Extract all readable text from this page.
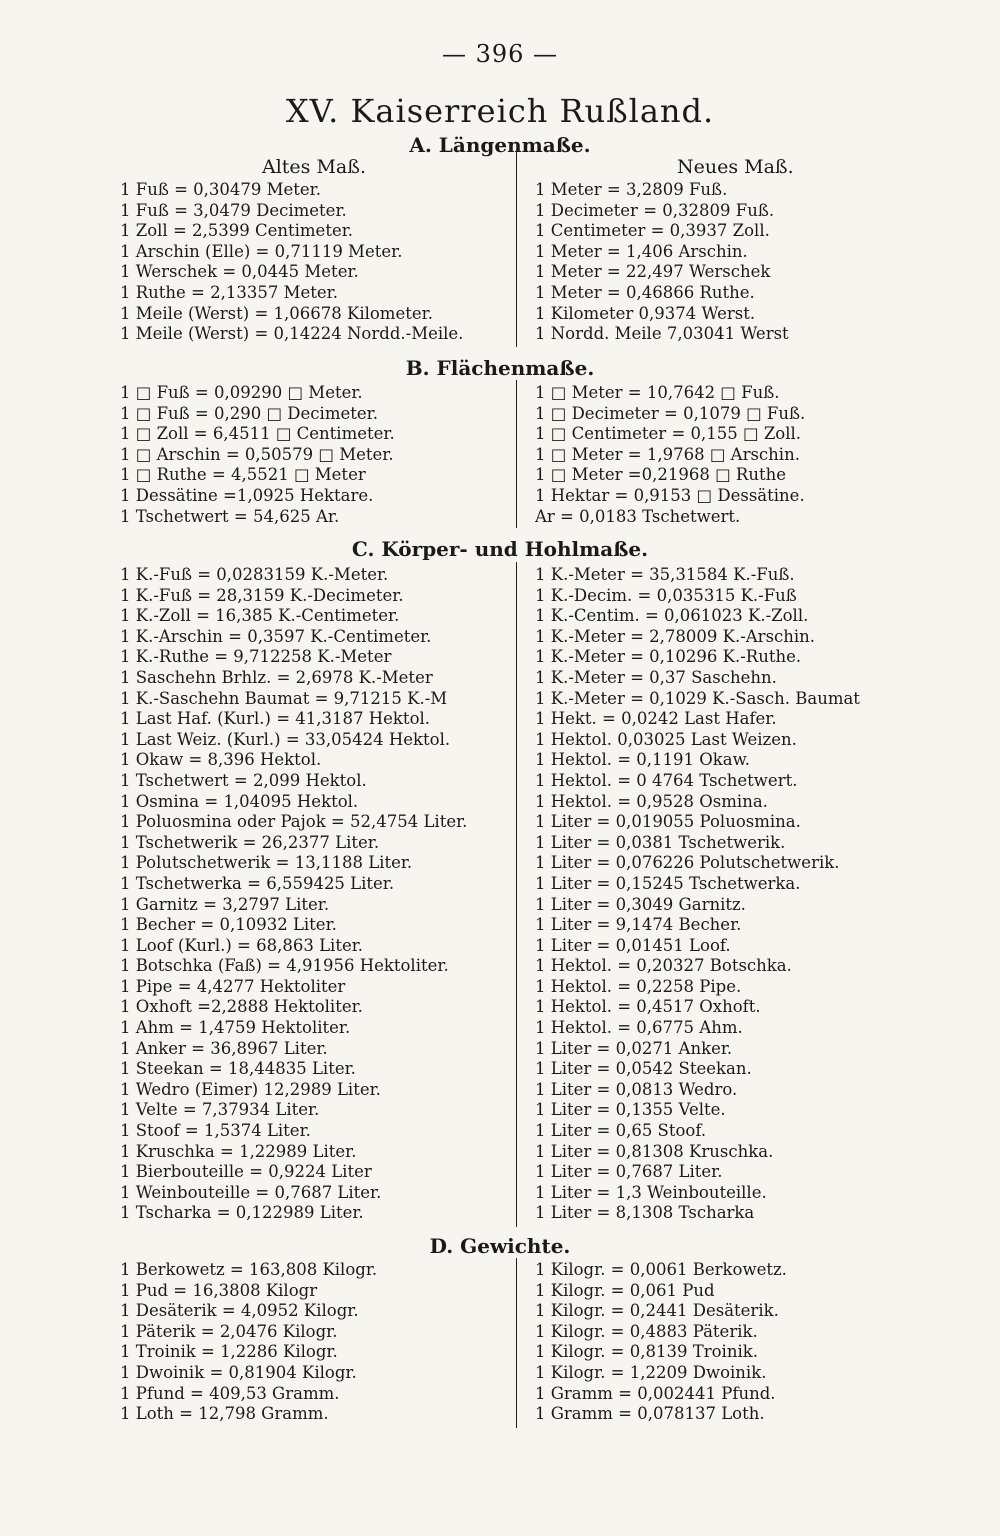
— 396 —
XV. Kaiserreich Rußland.
A. Längenmaße.
Altes Maß.	Neues Maß.
1 Fuß = 0,30479 Meter.
1 Fuß = 3,0479 Decimeter.
1 Zoll = 2,5399 Centimeter.
1 Arschin (Elle) = 0,71119 Meter.
1 Werschek = 0,0445 Meter.
1 Ruthe = 2,13357 Meter.
1 Meile (Werst) = 1,06678 Kilometer.
1 Meile (Werst) = 0,14224 Nordd.-Meile.
1 Meter = 3,2809 Fuß.
1 Decimeter = 0,32809 Fuß.
1 Centimeter = 0,3937 Zoll.
1 Meter = 1,406 Arschin.
1 Meter = 22,497 Werschek
1 Meter = 0,46866 Ruthe.
1 Kilometer 0,9374 Werst.
1 Nordd. Meile 7,03041 Werst
B. Flächenmaße.
1 □ Fuß = 0,09290 □ Meter.
1 □ Fuß = 0,290 □ Decimeter.
1 □ Zoll = 6,4511 □ Centimeter.
1 □ Arschin = 0,50579 □ Meter.
1 □ Ruthe = 4,5521 □ Meter
1 Dessätine =1,0925 Hektare.
1 Tschetwert = 54,625 Ar.
1 □ Meter = 10,7642 □ Fuß.
1 □ Decimeter = 0,1079 □ Fuß.
1 □ Centimeter = 0,155 □ Zoll.
1 □ Meter = 1,9768 □ Arschin.
1 □ Meter =0,21968 □ Ruthe
1 Hektar = 0,9153 □ Dessätine.
Ar = 0,0183 Tschetwert.
C. Körper- und Hohlmaße.
1 K.-Fuß = 0,0283159 K.-Meter.
1 K.-Fuß = 28,3159 K.-Decimeter.
1 K.-Zoll = 16,385 K.-Centimeter.
1 K.-Arschin = 0,3597 K.-Centimeter.
1 K.-Ruthe = 9,712258 K.-Meter
1 Saschehn Brhlz. = 2,6978 K.-Meter
1 K.-Saschehn Baumat = 9,71215 K.-M
1 Last Haf. (Kurl.) = 41,3187 Hektol.
1 Last Weiz. (Kurl.) = 33,05424 Hektol.
1 Okaw = 8,396 Hektol.
1 Tschetwert = 2,099 Hektol.
1 Osmina = 1,04095 Hektol.
1 Poluosmina oder Pajok = 52,4754 Liter.
1 Tschetwerik = 26,2377 Liter.
1 Polutschetwerik = 13,1188 Liter.
1 Tschetwerka = 6,559425 Liter.
1 Garnitz = 3,2797 Liter.
1 Becher = 0,10932 Liter.
1 Loof (Kurl.) = 68,863 Liter.
1 Botschka (Faß) = 4,91956 Hektoliter.
1 Pipe = 4,4277 Hektoliter
1 Oxhoft =2,2888 Hektoliter.
1 Ahm = 1,4759 Hektoliter.
1 Anker = 36,8967 Liter.
1 Steekan = 18,44835 Liter.
1 Wedro (Eimer) 12,2989 Liter.
1 Velte = 7,37934 Liter.
1 Stoof = 1,5374 Liter.
1 Kruschka = 1,22989 Liter.
1 Bierbouteille = 0,9224 Liter
1 Weinbouteille = 0,7687 Liter.
1 Tscharka = 0,122989 Liter.
1 K.-Meter = 35,31584 K.-Fuß.
1 K.-Decim. = 0,035315 K.-Fuß
1 K.-Centim. = 0,061023 K.-Zoll.
1 K.-Meter = 2,78009 K.-Arschin.
1 K.-Meter = 0,10296 K.-Ruthe.
1 K.-Meter = 0,37 Saschehn.
1 K.-Meter = 0,1029 K.-Sasch. Baumat
1 Hekt. = 0,0242 Last Hafer.
1 Hektol. 0,03025 Last Weizen.
1 Hektol. = 0,1191 Okaw.
1 Hektol. = 0 4764 Tschetwert.
1 Hektol. = 0,9528 Osmina.
1 Liter = 0,019055 Poluosmina.
1 Liter = 0,0381 Tschetwerik.
1 Liter = 0,076226 Polutschetwerik.
1 Liter = 0,15245 Tschetwerka.
1 Liter = 0,3049 Garnitz.
1 Liter = 9,1474 Becher.
1 Liter = 0,01451 Loof.
1 Hektol. = 0,20327 Botschka.
1 Hektol. = 0,2258 Pipe.
1 Hektol. = 0,4517 Oxhoft.
1 Hektol. = 0,6775 Ahm.
1 Liter = 0,0271 Anker.
1 Liter = 0,0542 Steekan.
1 Liter = 0,0813 Wedro.
1 Liter = 0,1355 Velte.
1 Liter = 0,65 Stoof.
1 Liter = 0,81308 Kruschka.
1 Liter = 0,7687 Liter.
1 Liter = 1,3 Weinbouteille.
1 Liter = 8,1308 Tscharka
D. Gewichte.
1 Berkowetz = 163,808 Kilogr.
1 Pud = 16,3808 Kilogr
1 Desäterik = 4,0952 Kilogr.
1 Päterik = 2,0476 Kilogr.
1 Troinik = 1,2286 Kilogr.
1 Dwoinik = 0,81904 Kilogr.
1 Pfund = 409,53 Gramm.
1 Loth = 12,798 Gramm.
1 Kilogr. = 0,0061 Berkowetz.
1 Kilogr. = 0,061 Pud
1 Kilogr. = 0,2441 Desäterik.
1 Kilogr. = 0,4883 Päterik.
1 Kilogr. = 0,8139 Troinik.
1 Kilogr. = 1,2209 Dwoinik.
1 Gramm = 0,002441 Pfund.
1 Gramm = 0,078137 Loth.
